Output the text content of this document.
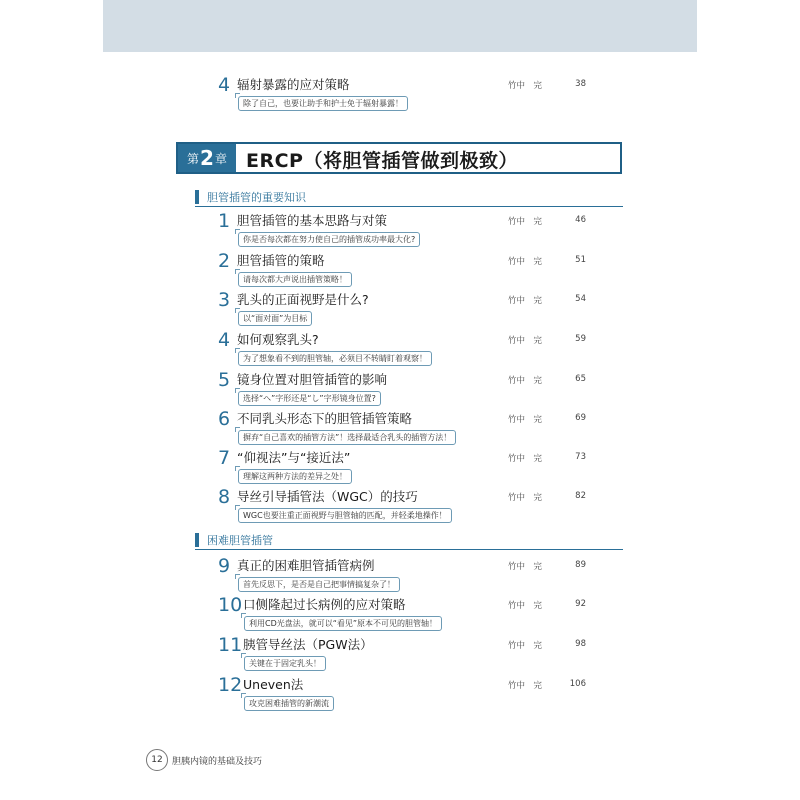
4 辐射暴露的应对策略
除了自己，也要让助手和护士免于辐射暴露！
竹中　完	38
第 2 章 ERCP（将胆管插管做到极致）
胆管插管的重要知识
1 胆管插管的基本思路与对策
你是否每次都在努力使自己的插管成功率最大化?
竹中　完	46
2 胆管插管的策略
请每次都大声说出插管策略！
竹中　完	51
3 乳头的正面视野是什么?
以“面对面”为目标
竹中　完	54
4 如何观察乳头?
为了想象看不到的胆管轴，必须目不转睛盯着观察！
竹中　完	59
5 镜身位置对胆管插管的影响
选择“ヘ”字形还是“し”字形镜身位置?
竹中　完	65
6 不同乳头形态下的胆管插管策略
摒弃“自己喜欢的插管方法”！选择最适合乳头的插管方法！
竹中　完	69
7 “仰视法”与“接近法”
理解这两种方法的差异之处！
竹中　完	73
8 导丝引导插管法（WGC）的技巧
WGC也要注重正面视野与胆管轴的匹配，并轻柔地操作！
竹中　完	82
困难胆管插管
9 真正的困难胆管插管病例
首先反思下，是否是自己把事情搞复杂了！
竹中　完	89
10 口侧隆起过长病例的应对策略
利用CD光盘法，就可以“看见”原本不可见的胆管轴！
竹中　完	92
11 胰管导丝法（PGW法）
关键在于固定乳头！
竹中　完	98
12 Uneven法
攻克困难插管的新潮流
竹中　完	106
12	胆胰内镜的基础及技巧
